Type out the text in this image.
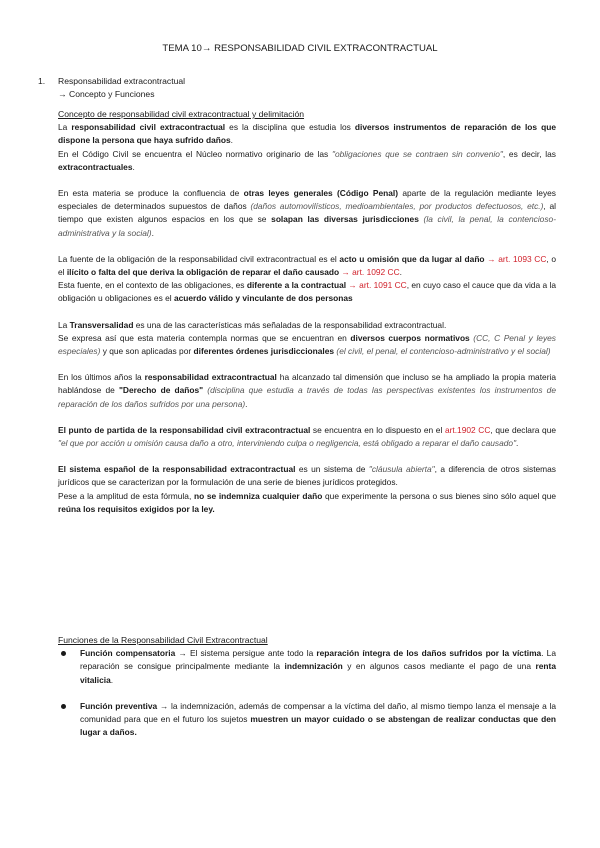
TEMA 10→ RESPONSABILIDAD CIVIL EXTRACONTRACTUAL
1. Responsabilidad extracontractual
→ Concepto y Funciones

Concepto de responsabilidad civil extracontractual y delimitación

La responsabilidad civil extracontractual es la disciplina que estudia los diversos instrumentos de reparación de los que dispone la persona que haya sufrido daños.

En el Código Civil se encuentra el Núcleo normativo originario de las "obligaciones que se contraen sin convenio", es decir, las extracontractuales.

En esta materia se produce la confluencia de otras leyes generales (Código Penal) aparte de la regulación mediante leyes especiales de determinados supuestos de daños (daños automovilísticos, medioambientales, por productos defectuosos, etc.), al tiempo que existen algunos espacios en los que se solapan las diversas jurisdicciones (la civil, la penal, la contencioso-administrativa y la social).

La fuente de la obligación de la responsabilidad civil extracontractual es el acto u omisión que da lugar al daño → art. 1093 CC, o el ilícito o falta del que deriva la obligación de reparar el daño causado → art. 1092 CC.

Esta fuente, en el contexto de las obligaciones, es diferente a la contractual → art. 1091 CC, en cuyo caso el cauce que da vida a la obligación u obligaciones es el acuerdo válido y vinculante de dos personas

La Transversalidad es una de las características más señaladas de la responsabilidad extracontractual.

Se expresa así que esta materia contempla normas que se encuentran en diversos cuerpos normativos (CC, C Penal y leyes especiales) y que son aplicadas por diferentes órdenes jurisdiccionales (el civil, el penal, el contencioso-administrativo y el social)

En los últimos años la responsabilidad extracontractual ha alcanzado tal dimensión que incluso se ha ampliado la propia materia hablándose de "Derecho de daños" (disciplina que estudia a través de todas las perspectivas existentes los instrumentos de reparación de los daños sufridos por una persona).

El punto de partida de la responsabilidad civil extracontractual se encuentra en lo dispuesto en el art.1902 CC, que declara que "el que por acción u omisión causa daño a otro, interviniendo culpa o negligencia, está obligado a reparar el daño causado".

El sistema español de la responsabilidad extracontractual es un sistema de "cláusula abierta", a diferencia de otros sistemas jurídicos que se caracterizan por la formulación de una serie de bienes jurídicos protegidos.

Pese a la amplitud de esta fórmula, no se indemniza cualquier daño que experimente la persona o sus bienes sino sólo aquel que reúna los requisitos exigidos por la ley.

Funciones de la Responsabilidad Civil Extracontractual

Función compensatoria → El sistema persigue ante todo la reparación íntegra de los daños sufridos por la víctima. La reparación se consigue principalmente mediante la indemnización y en algunos casos mediante el pago de una renta vitalicia.
Función preventiva → la indemnización, además de compensar a la víctima del daño, al mismo tiempo lanza el mensaje a la comunidad para que en el futuro los sujetos muestren un mayor cuidado o se abstengan de realizar conductas que den lugar a daños.
